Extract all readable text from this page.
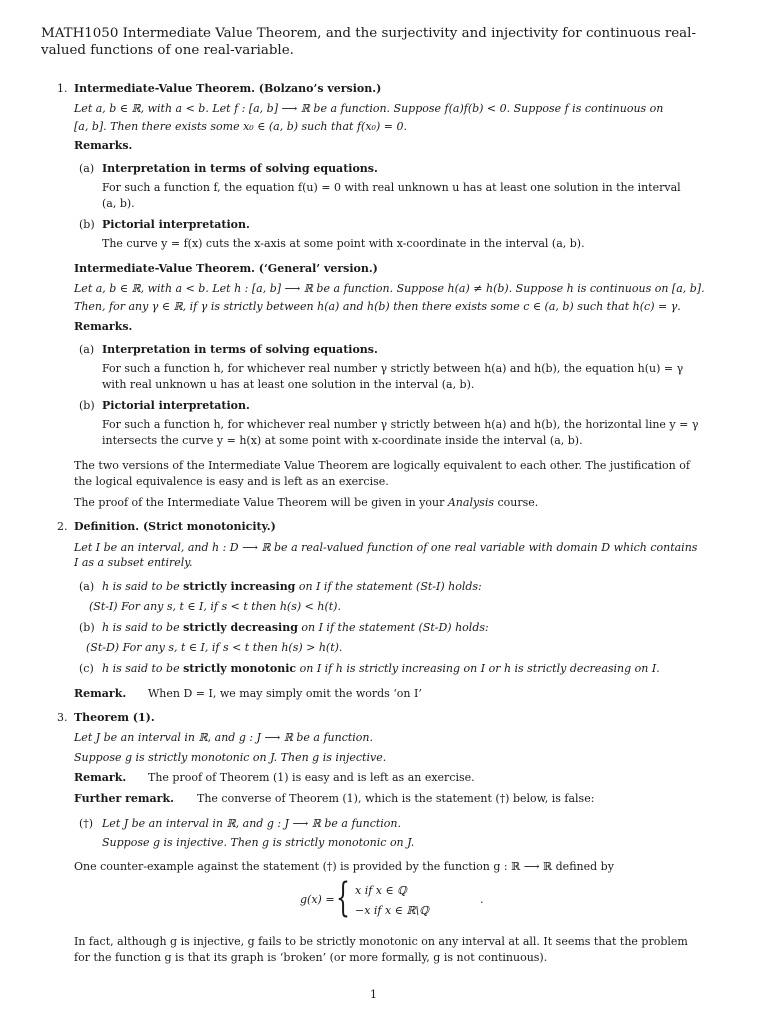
MATH1050 Intermediate Value Theorem, and the surjectivity and injectivity for continuous real-valued functions of one real-variable.
1. Intermediate-Value Theorem. (Bolzano’s version.)
Let a, b ∈ ℝ, with a < b. Let f : [a, b] ⟶ ℝ be a function. Suppose f(a)f(b) < 0. Suppose f is continuous on
[a, b]. Then there exists some x₀ ∈ (a, b) such that f(x₀) = 0.
Remarks.
(a) Interpretation in terms of solving equations.
For such a function f, the equation f(u) = 0 with real unknown u has at least one solution in the interval
(a, b).
(b) Pictorial interpretation.
The curve y = f(x) cuts the x-axis at some point with x-coordinate in the interval (a, b).
Intermediate-Value Theorem. (‘General’ version.)
Let a, b ∈ ℝ, with a < b. Let h : [a, b] ⟶ ℝ be a function. Suppose h(a) ≠ h(b). Suppose h is continuous on [a, b].
Then, for any γ ∈ ℝ, if γ is strictly between h(a) and h(b) then there exists some c ∈ (a, b) such that h(c) = γ.
Remarks.
(a) Interpretation in terms of solving equations.
For such a function h, for whichever real number γ strictly between h(a) and h(b), the equation h(u) = γ
with real unknown u has at least one solution in the interval (a, b).
(b) Pictorial interpretation.
For such a function h, for whichever real number γ strictly between h(a) and h(b), the horizontal line y = γ
intersects the curve y = h(x) at some point with x-coordinate inside the interval (a, b).
The two versions of the Intermediate Value Theorem are logically equivalent to each other. The justification of
the logical equivalence is easy and is left as an exercise.
The proof of the Intermediate Value Theorem will be given in your Analysis course.
2. Definition. (Strict monotonicity.)
Let I be an interval, and h : D ⟶ ℝ be a real-valued function of one real variable with domain D which contains
I as a subset entirely.
(a) h is said to be strictly increasing on I if the statement (St-I) holds:
(St-I) For any s, t ∈ I, if s < t then h(s) < h(t).
(b) h is said to be strictly decreasing on I if the statement (St-D) holds:
(St-D) For any s, t ∈ I, if s < t then h(s) > h(t).
(c) h is said to be strictly monotonic on I if h is strictly increasing on I or h is strictly decreasing on I.
Remark. When D = I, we may simply omit the words ‘on I’
3. Theorem (1).
Let J be an interval in ℝ, and g : J ⟶ ℝ be a function.
Suppose g is strictly monotonic on J. Then g is injective.
Remark. The proof of Theorem (1) is easy and is left as an exercise.
Further remark. The converse of Theorem (1), which is the statement (†) below, is false:
(†) Let J be an interval in ℝ, and g : J ⟶ ℝ be a function.
Suppose g is injective. Then g is strictly monotonic on J.
One counter-example against the statement (†) is provided by the function g : ℝ ⟶ ℝ defined by
g(x) = { x if x ∈ ℚ
−x if x ∈ ℝ\ℚ
.
In fact, although g is injective, g fails to be strictly monotonic on any interval at all. It seems that the problem
for the function g is that its graph is ‘broken’ (or more formally, g is not continuous).
1
